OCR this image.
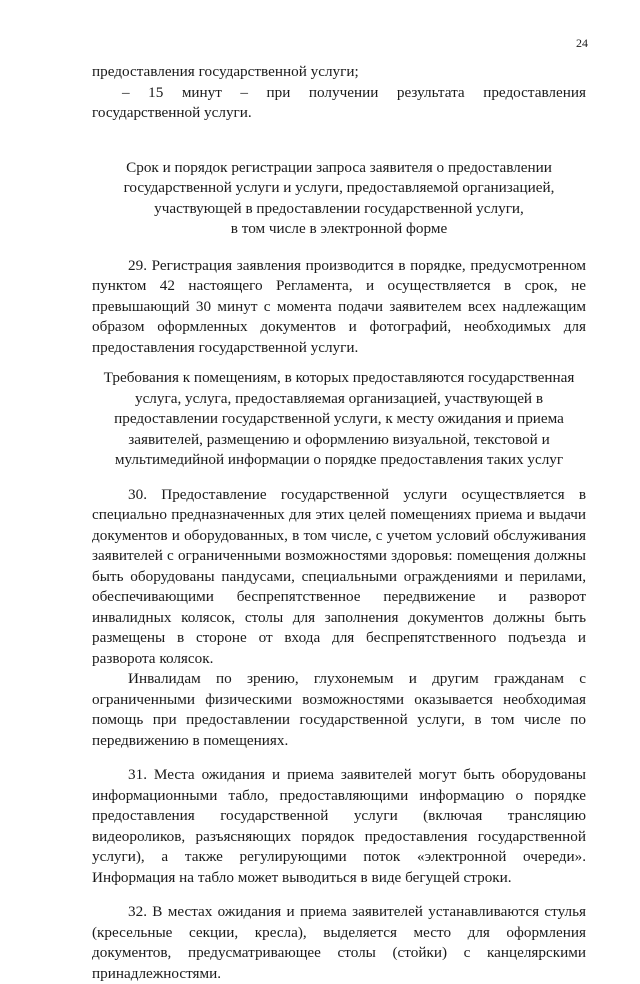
24

предоставления государственной услуги;

– 15 минут – при получении результата предоставления государственной услуги.

Срок и порядок регистрации запроса заявителя о предоставлении
государственной услуги и услуги, предоставляемой организацией,
участвующей в предоставлении государственной услуги,
в том числе в электронной форме

29. Регистрация заявления производится в порядке, предусмотренном пунктом 42 настоящего Регламента, и осуществляется в срок, не превышающий 30 минут с момента подачи заявителем всех надлежащим образом оформленных документов и фотографий, необходимых для предоставления государственной услуги.

Требования к помещениям, в которых предоставляются государственная
услуга, услуга, предоставляемая организацией, участвующей в
предоставлении государственной услуги, к месту ожидания и приема
заявителей, размещению и оформлению визуальной, текстовой и
мультимедийной информации о порядке предоставления таких услуг

30. Предоставление государственной услуги осуществляется в специально предназначенных для этих целей помещениях приема и выдачи документов и оборудованных, в том числе, с учетом условий обслуживания заявителей с ограниченными возможностями здоровья: помещения должны быть оборудованы пандусами, специальными ограждениями и перилами, обеспечивающими беспрепятственное передвижение и разворот инвалидных колясок, столы для заполнения документов должны быть размещены в стороне от входа для беспрепятственного подъезда и разворота колясок.

Инвалидам по зрению, глухонемым и другим гражданам с ограниченными физическими возможностями оказывается необходимая помощь при предоставлении государственной услуги, в том числе по передвижению в помещениях.

31. Места ожидания и приема заявителей могут быть оборудованы информационными табло, предоставляющими информацию о порядке предоставления государственной услуги (включая трансляцию видеороликов, разъясняющих порядок предоставления государственной услуги), а также регулирующими поток «электронной очереди». Информация на табло может выводиться в виде бегущей строки.

32. В местах ожидания и приема заявителей устанавливаются стулья (кресельные секции, кресла), выделяется место для оформления документов, предусматривающее столы (стойки) с канцелярскими принадлежностями.
